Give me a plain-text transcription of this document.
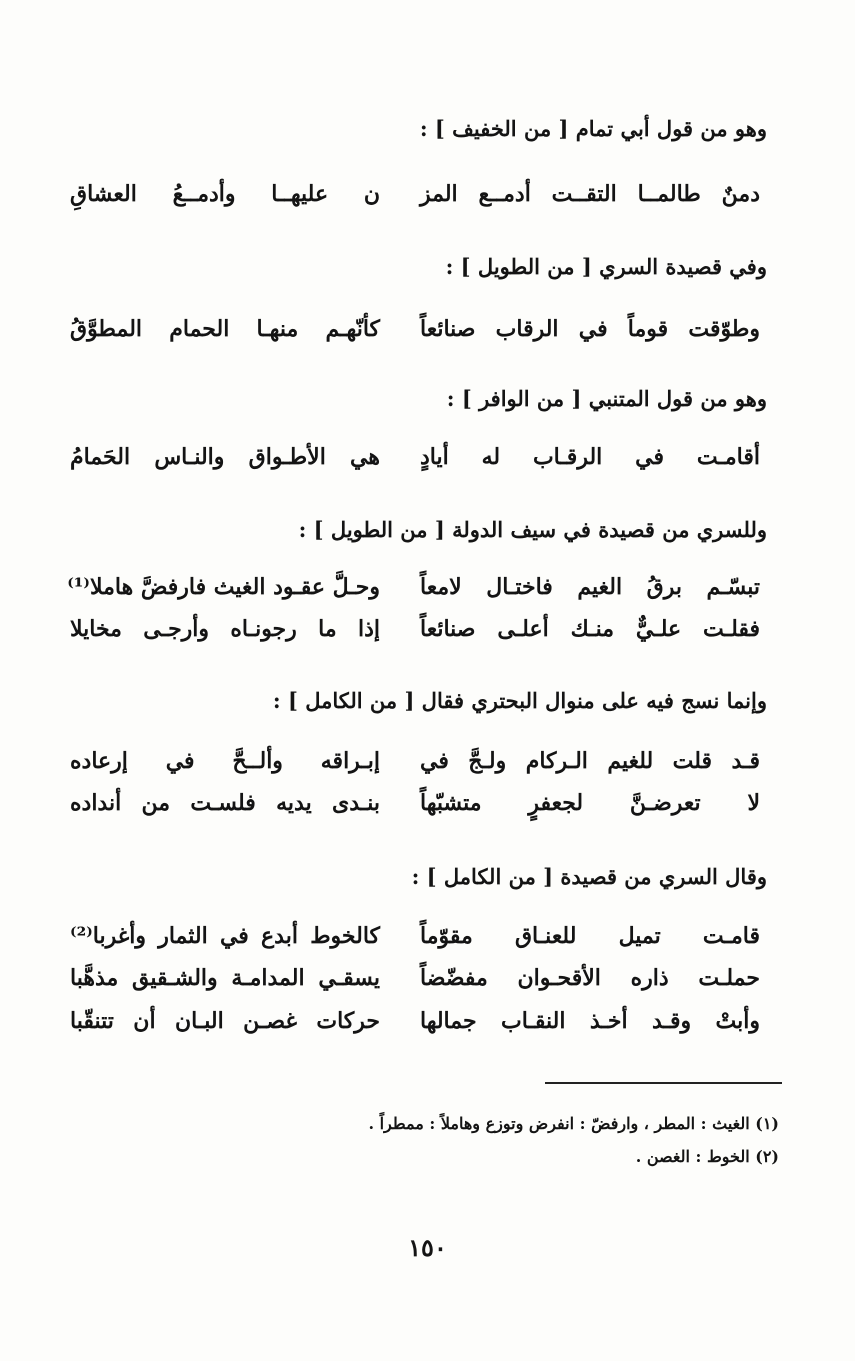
وهو من قول أبي تمام [ من الخفيف ] :
دمنٌ طالمــا التقــت أدمــع المز
ن عليهــا وأدمــعُ العشاقِ
وفي قصيدة السري [ من الطويل ] :
وطوّقت قوماً في الرقاب صنائعاً
كأنّهـم منهـا الحمام المطوَّقُ
وهو من قول المتنبي [ من الوافر ] :
أقامـت في الرقـاب له أيادٍ
هي الأطـواق والنـاس الحَمامُ
وللسري من قصيدة في سيف الدولة [ من الطويل ] :
تبسّـم برقُ الغيم فاختـال لامعاً
وحـلَّ عقـود الغيث فارفضَّ هاملا⁽¹⁾
فقلـت علـيٌّ منـك أعلـى صنائعاً
إذا ما رجونـاه وأرجـى مخايلا
وإنما نسج فيه على منوال البحتري فقال [ من الكامل ] :
قـد قلت للغيم الـركام ولـجَّ في
إبـراقه وألــحَّ في إرعاده
لا تعرضـنَّ لجعفرٍ متشبّهاً
بنـدى يديه فلسـت من أنداده
وقال السري من قصيدة [ من الكامل ] :
قامـت تميل للعنـاق مقوّماً
كالخوط أبدع في الثمار وأغربا⁽²⁾
حملـت ذاره الأقحـوان مفضّضاً
يسقـي المدامـة والشـقيق مذهَّبا
وأبتْ وقـد أخـذ النقـاب جمالها
حركات غصـن البـان أن تتنقّبا
(١) الغيث : المطر ، وارفضّ : انفرض وتوزع وهاملاً : ممطراً .
(٢) الخوط : الغصن .
١٥٠
